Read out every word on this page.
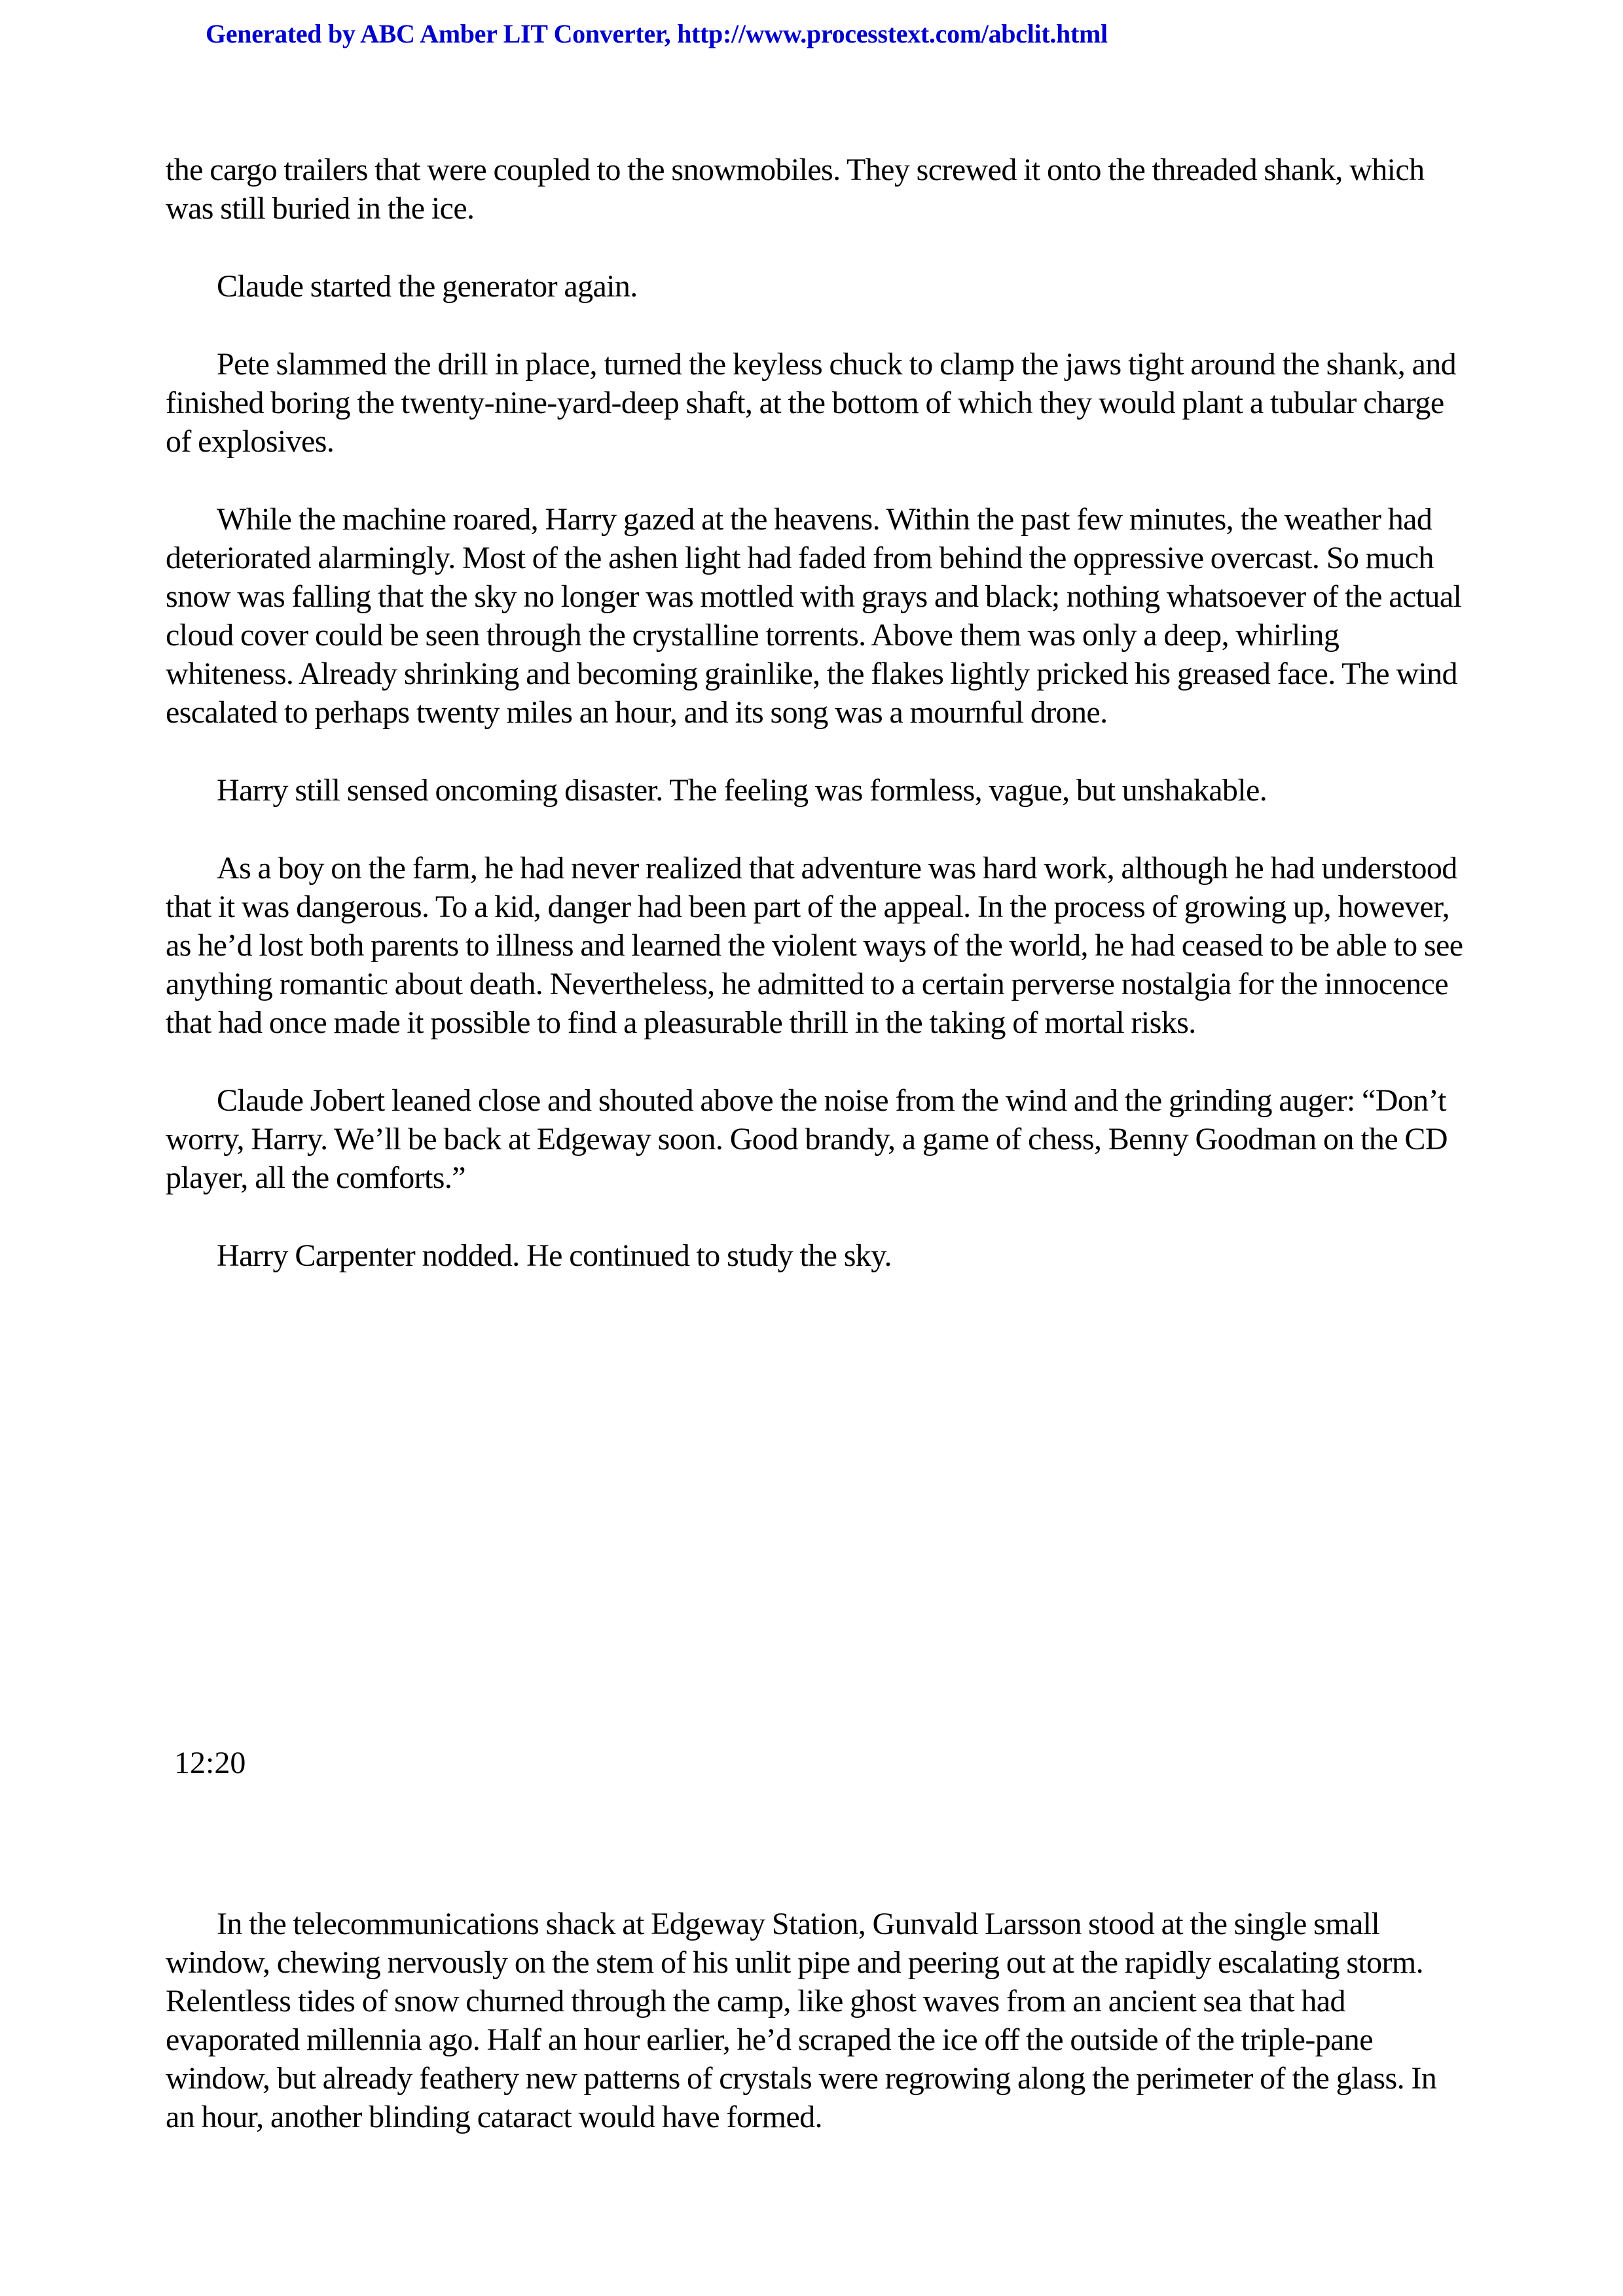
Generated by ABC Amber LIT Converter, http://www.processtext.com/abclit.html

the cargo trailers that were coupled to the snowmobiles. They screwed it onto the threaded shank, which was still buried in the ice.

Claude started the generator again.

Pete slammed the drill in place, turned the keyless chuck to clamp the jaws tight around the shank, and finished boring the twenty-nine-yard-deep shaft, at the bottom of which they would plant a tubular charge of explosives.

While the machine roared, Harry gazed at the heavens. Within the past few minutes, the weather had deteriorated alarmingly. Most of the ashen light had faded from behind the oppressive overcast. So much snow was falling that the sky no longer was mottled with grays and black; nothing whatsoever of the actual cloud cover could be seen through the crystalline torrents. Above them was only a deep, whirling whiteness. Already shrinking and becoming grainlike, the flakes lightly pricked his greased face. The wind escalated to perhaps twenty miles an hour, and its song was a mournful drone.

Harry still sensed oncoming disaster. The feeling was formless, vague, but unshakable.

As a boy on the farm, he had never realized that adventure was hard work, although he had understood that it was dangerous. To a kid, danger had been part of the appeal. In the process of growing up, however, as he’d lost both parents to illness and learned the violent ways of the world, he had ceased to be able to see anything romantic about death. Nevertheless, he admitted to a certain perverse nostalgia for the innocence that had once made it possible to find a pleasurable thrill in the taking of mortal risks.

Claude Jobert leaned close and shouted above the noise from the wind and the grinding auger: “Don’t worry, Harry. We’ll be back at Edgeway soon. Good brandy, a game of chess, Benny Goodman on the CD player, all the comforts.”

Harry Carpenter nodded. He continued to study the sky.

12:20

In the telecommunications shack at Edgeway Station, Gunvald Larsson stood at the single small window, chewing nervously on the stem of his unlit pipe and peering out at the rapidly escalating storm. Relentless tides of snow churned through the camp, like ghost waves from an ancient sea that had evaporated millennia ago. Half an hour earlier, he’d scraped the ice off the outside of the triple-pane window, but already feathery new patterns of crystals were regrowing along the perimeter of the glass. In an hour, another blinding cataract would have formed.
